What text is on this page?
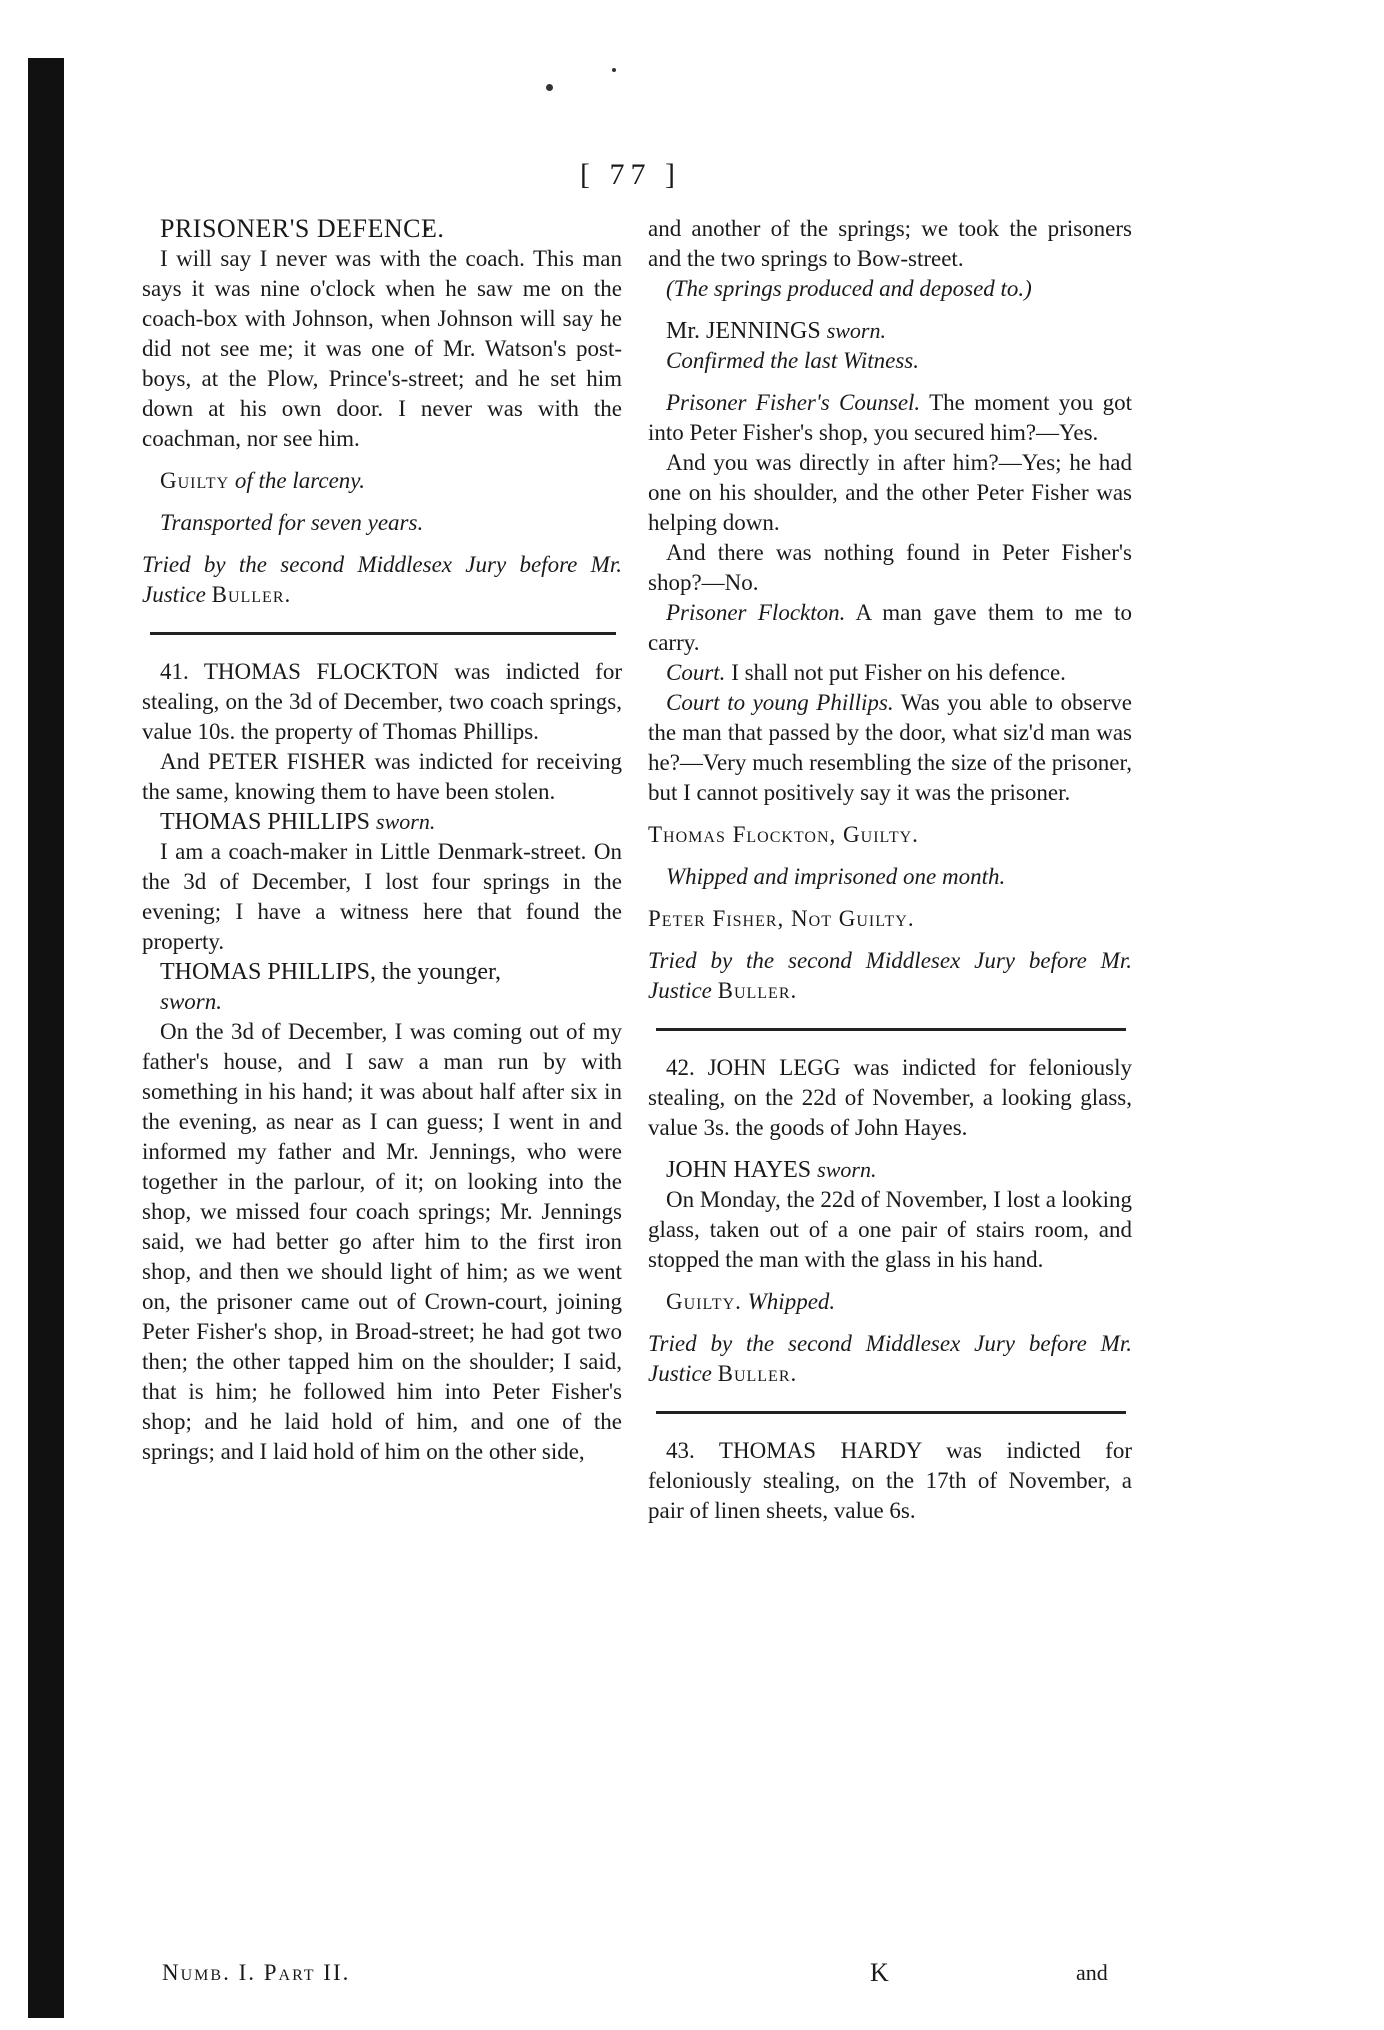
[ 77 ]

PRISONER'S DEFENCE.

I will say I never was with the coach. This man says it was nine o'clock when he saw me on the coach-box with Johnson, when Johnson will say he did not see me; it was one of Mr. Watson's post-boys, at the Plow, Prince's-street; and he set him down at his own door. I never was with the coachman, nor see him.

Guilty of the larceny.

Transported for seven years.

Tried by the second Middlesex Jury before Mr. Justice Buller.

41. THOMAS FLOCKTON was indicted for stealing, on the 3d of December, two coach springs, value 10s. the property of Thomas Phillips.

And PETER FISHER was indicted for receiving the same, knowing them to have been stolen.

THOMAS PHILLIPS sworn.

I am a coach-maker in Little Denmark-street. On the 3d of December, I lost four springs in the evening; I have a witness here that found the property.

THOMAS PHILLIPS, the younger,

sworn.

On the 3d of December, I was coming out of my father's house, and I saw a man run by with something in his hand; it was about half after six in the evening, as near as I can guess; I went in and informed my father and Mr. Jennings, who were together in the parlour, of it; on looking into the shop, we missed four coach springs; Mr. Jennings said, we had better go after him to the first iron shop, and then we should light of him; as we went on, the prisoner came out of Crown-court, joining Peter Fisher's shop, in Broad-street; he had got two then; the other tapped him on the shoulder; I said, that is him; he followed him into Peter Fisher's shop; and he laid hold of him, and one of the springs; and I laid hold of him on the other side,

and another of the springs; we took the prisoners and the two springs to Bow-street.

(The springs produced and deposed to.)

Mr. JENNINGS sworn.

Confirmed the last Witness.

Prisoner Fisher's Counsel. The moment you got into Peter Fisher's shop, you secured him?—Yes.

And you was directly in after him?—Yes; he had one on his shoulder, and the other Peter Fisher was helping down.

And there was nothing found in Peter Fisher's shop?—No.

Prisoner Flockton. A man gave them to me to carry.

Court. I shall not put Fisher on his defence.

Court to young Phillips. Was you able to observe the man that passed by the door, what siz'd man was he?—Very much resembling the size of the prisoner, but I cannot positively say it was the prisoner.

Thomas Flockton, Guilty.

Whipped and imprisoned one month.

Peter Fisher, Not Guilty.

Tried by the second Middlesex Jury before Mr. Justice Buller.

42. JOHN LEGG was indicted for feloniously stealing, on the 22d of November, a looking glass, value 3s. the goods of John Hayes.

JOHN HAYES sworn.

On Monday, the 22d of November, I lost a looking glass, taken out of a one pair of stairs room, and stopped the man with the glass in his hand.

Guilty. Whipped.

Tried by the second Middlesex Jury before Mr. Justice Buller.

43. THOMAS HARDY was indicted for feloniously stealing, on the 17th of November, a pair of linen sheets, value 6s.

Numb. I. Part II.	K	and
